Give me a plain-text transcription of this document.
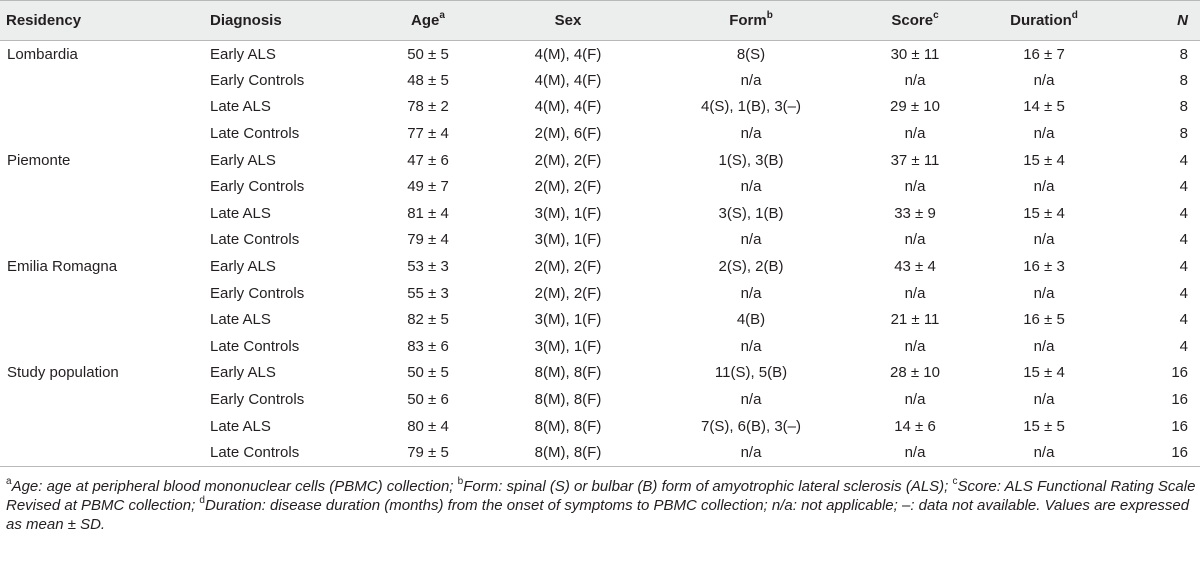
Residency	Diagnosis	Age$^a$	Sex	Form$^b$	Score$^c$	Duration$^d$	N
Lombardia	Early ALS	50 ± 5	4(M), 4(F)	8(S)	30 ± 11	16 ± 7	8
	Early Controls	48 ± 5	4(M), 4(F)	n/a	n/a	n/a	8
	Late ALS	78 ± 2	4(M), 4(F)	4(S), 1(B), 3(–)	29 ± 10	14 ± 5	8
	Late Controls	77 ± 4	2(M), 6(F)	n/a	n/a	n/a	8
Piemonte	Early ALS	47 ± 6	2(M), 2(F)	1(S), 3(B)	37 ± 11	15 ± 4	4
	Early Controls	49 ± 7	2(M), 2(F)	n/a	n/a	n/a	4
	Late ALS	81 ± 4	3(M), 1(F)	3(S), 1(B)	33 ± 9	15 ± 4	4
	Late Controls	79 ± 4	3(M), 1(F)	n/a	n/a	n/a	4
Emilia Romagna	Early ALS	53 ± 3	2(M), 2(F)	2(S), 2(B)	43 ± 4	16 ± 3	4
	Early Controls	55 ± 3	2(M), 2(F)	n/a	n/a	n/a	4
	Late ALS	82 ± 5	3(M), 1(F)	4(B)	21 ± 11	16 ± 5	4
	Late Controls	83 ± 6	3(M), 1(F)	n/a	n/a	n/a	4
Study population	Early ALS	50 ± 5	8(M), 8(F)	11(S), 5(B)	28 ± 10	15 ± 4	16
	Early Controls	50 ± 6	8(M), 8(F)	n/a	n/a	n/a	16
	Late ALS	80 ± 4	8(M), 8(F)	7(S), 6(B), 3(–)	14 ± 6	15 ± 5	16
	Late Controls	79 ± 5	8(M), 8(F)	n/a	n/a	n/a	16
$^a$Age: age at peripheral blood mononuclear cells (PBMC) collection; $^b$Form: spinal (S) or bulbar (B) form of amyotrophic lateral sclerosis (ALS); $^c$Score: ALS Functional Rating Scale Revised at PBMC collection; $^d$Duration: disease duration (months) from the onset of symptoms to PBMC collection; n/a: not applicable; –: data not available. Values are expressed as mean ± SD.
